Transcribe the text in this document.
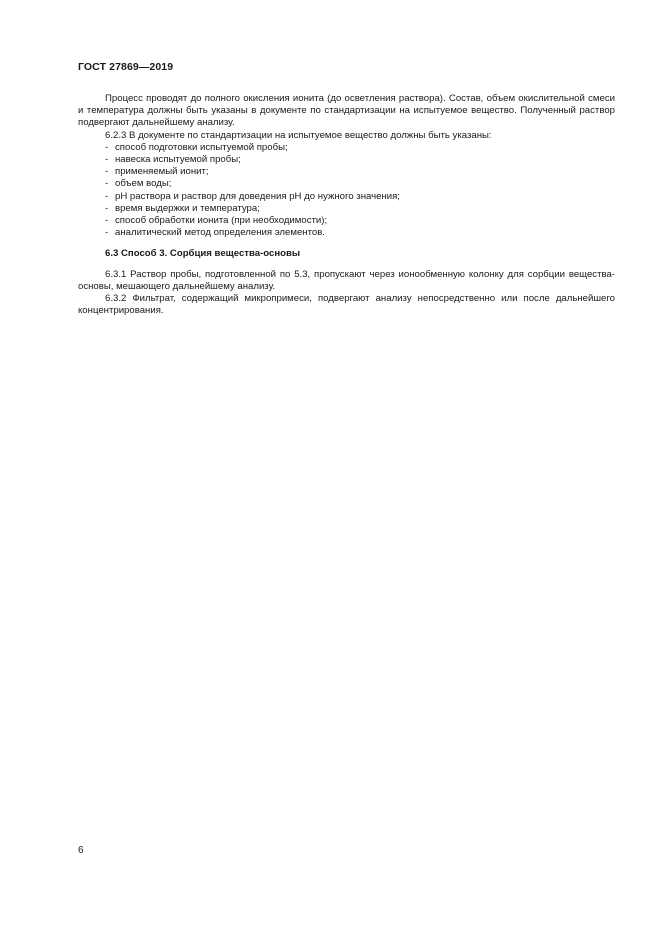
ГОСТ 27869—2019

Процесс проводят до полного окисления ионита (до осветления раствора). Состав, объем окислительной смеси и температура должны быть указаны в документе по стандартизации на испытуемое вещество. Полученный раствор подвергают дальнейшему анализу.

6.2.3 В документе по стандартизации на испытуемое вещество должны быть указаны:

- способ подготовки испытуемой пробы;
- навеска испытуемой пробы;
- применяемый ионит;
- объем воды;
- рН раствора и раствор для доведения рН до нужного значения;
- время выдержки и температура;
- способ обработки ионита (при необходимости);
- аналитический метод определения элементов.
6.3 Способ 3. Сорбция вещества-основы

6.3.1 Раствор пробы, подготовленной по 5.3, пропускают через ионообменную колонку для сорбции вещества-основы, мешающего дальнейшему анализу.

6.3.2 Фильтрат, содержащий микропримеси, подвергают анализу непосредственно или после дальнейшего концентрирования.

6
